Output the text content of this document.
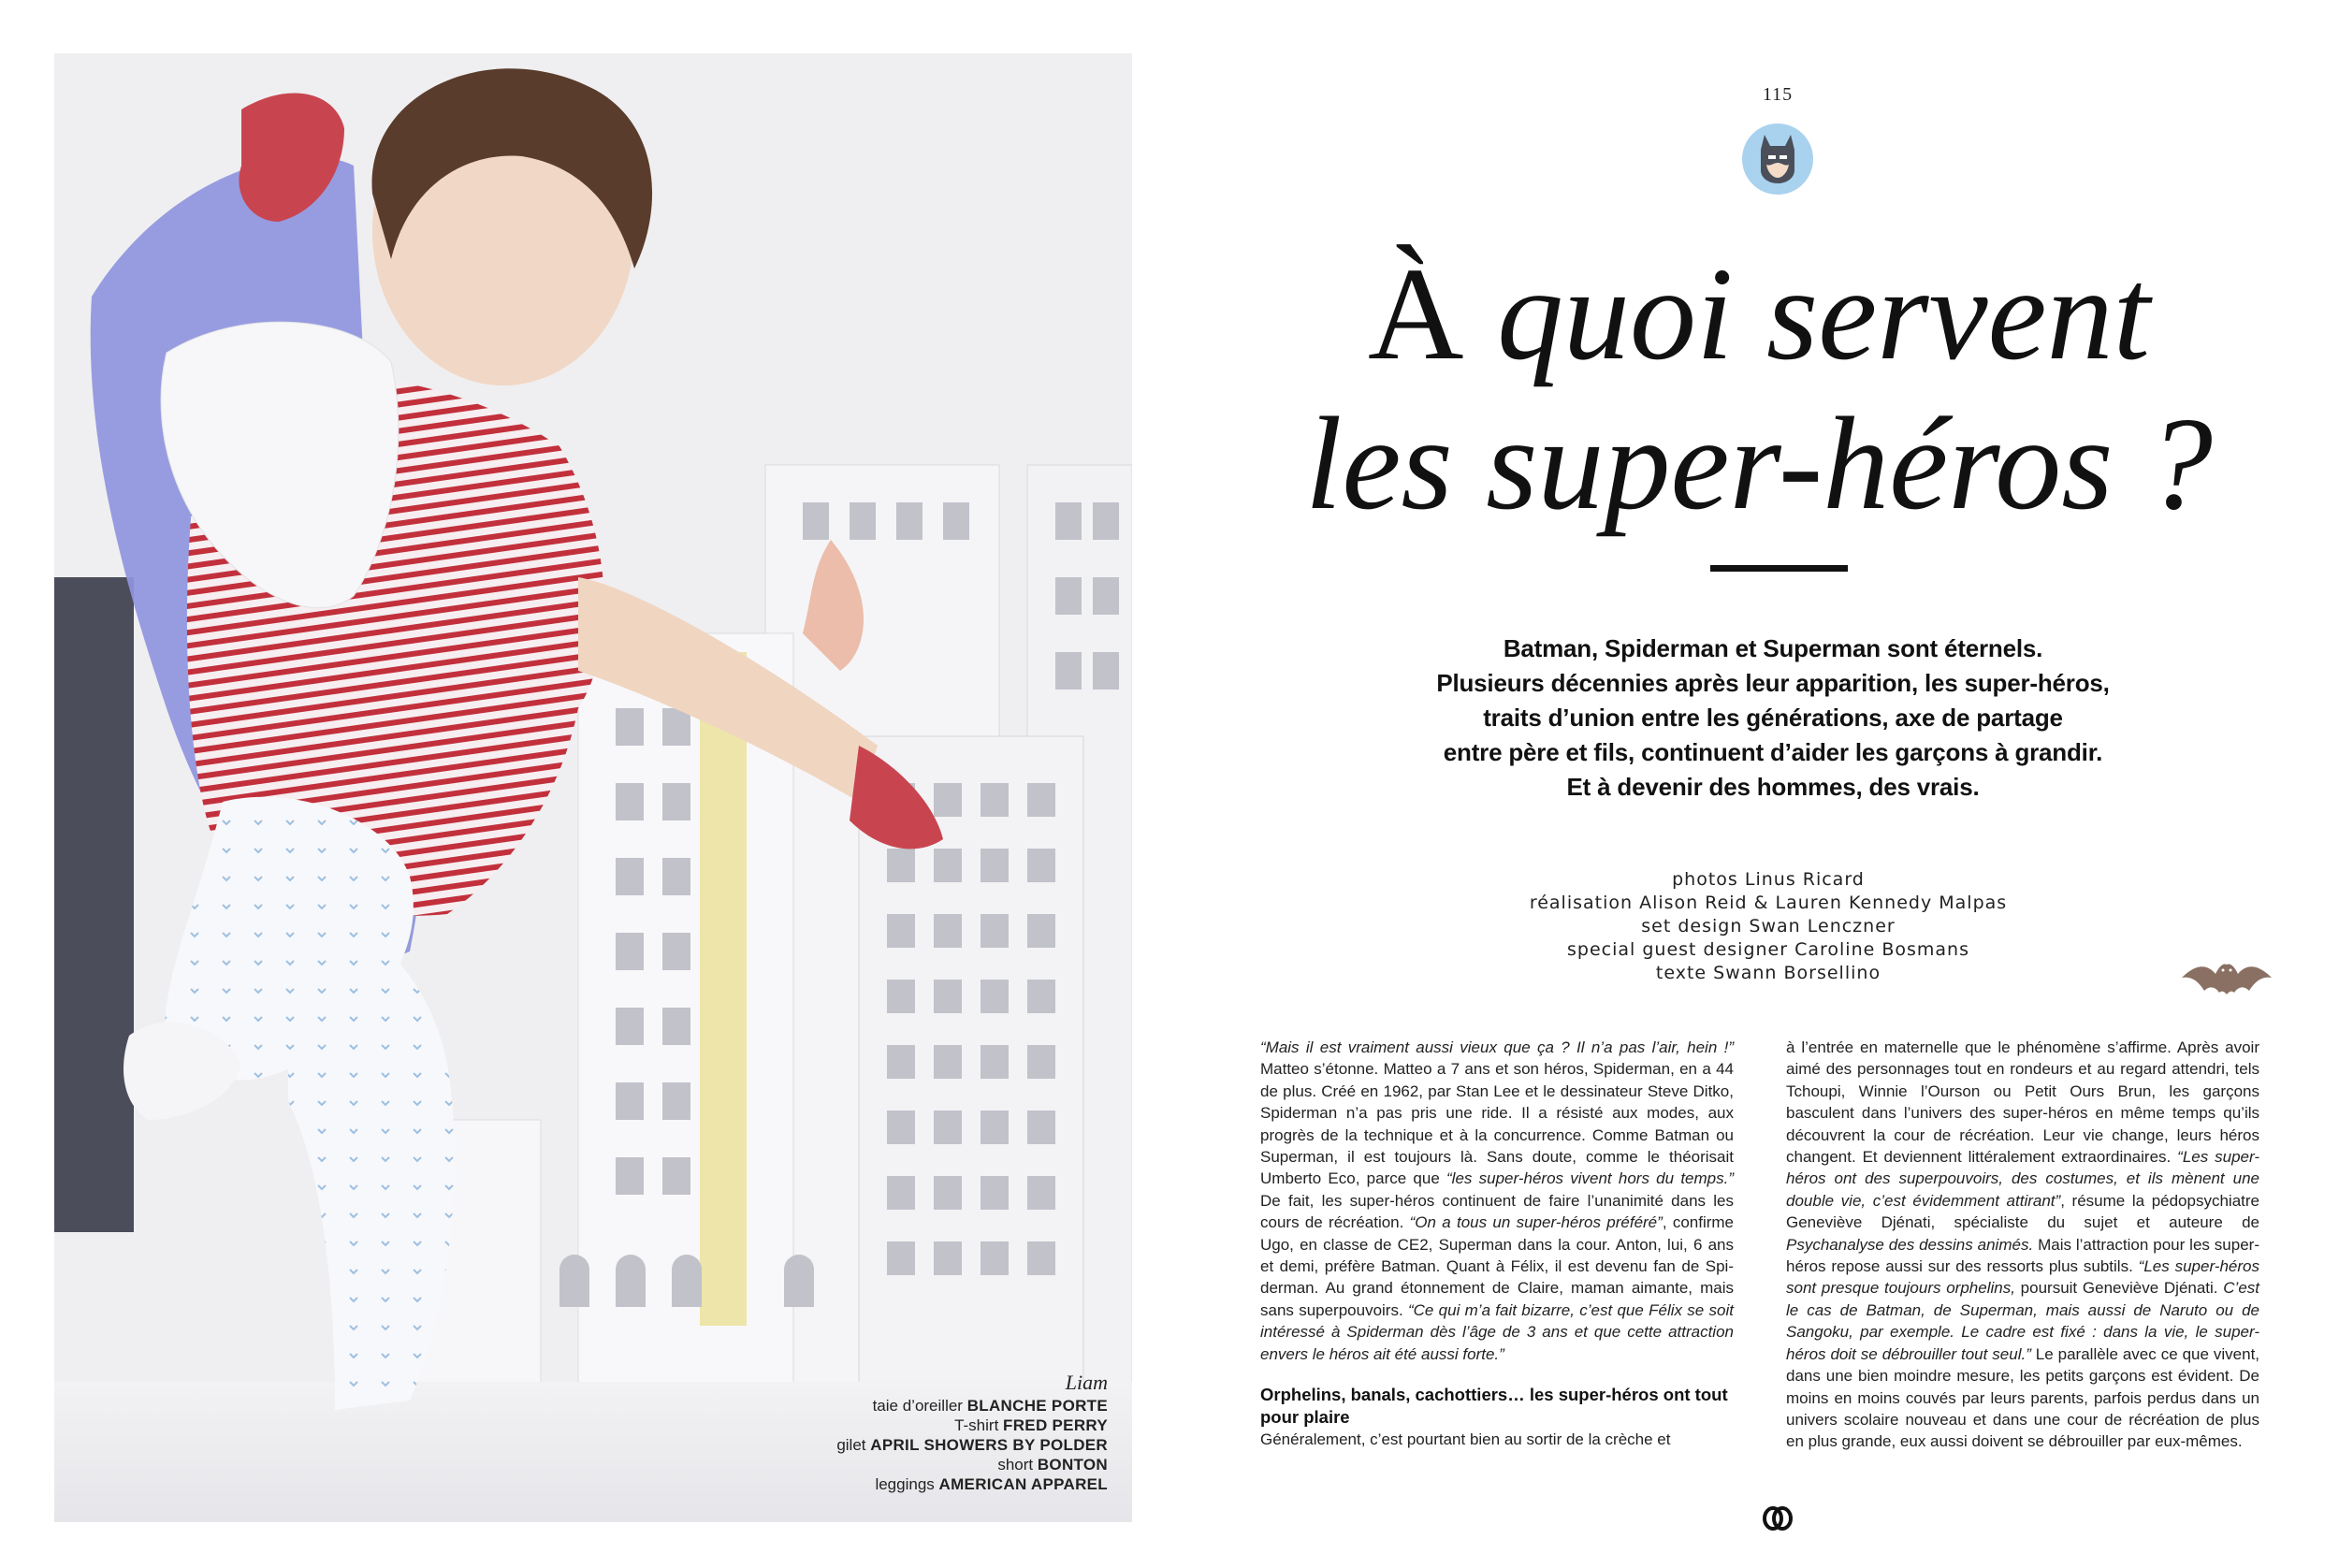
Liam
taie d’oreiller BLANCHE PORTE
T-shirt FRED PERRY
gilet APRIL SHOWERS BY POLDER
short BONTON
leggings AMERICAN APPAREL
115
À quoi servent
les super-héros ?
Batman, Spiderman et Superman sont éternels.
Plusieurs décennies après leur apparition, les super-héros,
traits d’union entre les générations, axe de partage
entre père et fils, continuent d’aider les garçons à grandir.
Et à devenir des hommes, des vrais.
photos Linus Ricard
réalisation Alison Reid & Lauren Kennedy Malpas
set design Swan Lenczner
special guest designer Caroline Bosmans
texte Swann Borsellino

“Mais il est vraiment aussi vieux que ça ? Il n’a pas l’air, hein !” Matteo s’étonne. Matteo a 7 ans et son héros, Spiderman, en a 44 de plus. Créé en 1962, par Stan Lee et le dessinateur Steve Ditko, Spiderman n’a pas pris une ride. Il a résisté aux modes, aux progrès de la technique et à la concurrence. Comme Batman ou Superman, il est toujours là. Sans doute, comme le théorisait Umberto Eco, parce que “les super-héros vivent hors du temps.” De fait, les super-héros continuent de faire l’unanimité dans les cours de récréation. “On a tous un super-héros préféré”, confirme Ugo, en classe de CE2, Superman dans la cour. Anton, lui, 6 ans et demi, préfère Batman. Quant à Félix, il est devenu fan de Spi-derman. Au grand étonnement de Claire, maman aimante, mais sans superpouvoirs. “Ce qui m’a fait bizarre, c’est que Félix se soit intéressé à Spiderman dès l’âge de 3 ans et que cette attraction envers le héros ait été aussi forte.”

Orphelins, banals, cachottiers… les super-héros ont tout pour plaire

Généralement, c’est pourtant bien au sortir de la crèche et

à l’entrée en maternelle que le phénomène s’affirme. Après avoir aimé des personnages tout en rondeurs et au regard attendri, tels Tchoupi, Winnie l’Ourson ou Petit Ours Brun, les garçons basculent dans l’univers des super-héros en même temps qu’ils découvrent la cour de récréation. Leur vie change, leurs héros changent. Et deviennent littéralement extraordinaires. “Les super-héros ont des superpouvoirs, des costumes, et ils mènent une double vie, c’est évidemment attirant”, résume la pédopsychiatre Geneviève Djénati, spécialiste du sujet et auteure de Psychanalyse des dessins animés. Mais l’attraction pour les super-héros repose aussi sur des ressorts plus subtils. “Les super-héros sont presque toujours orphelins, poursuit Geneviève Djénati. C’est le cas de Batman, de Superman, mais aussi de Naruto ou de Sangoku, par exemple. Le cadre est fixé : dans la vie, le super-héros doit se débrouiller tout seul.” Le parallèle avec ce que vivent, dans une bien moindre mesure, les petits garçons est évident. De moins en moins couvés par leurs parents, parfois perdus dans un univers scolaire nouveau et dans une cour de récréation de plus en plus grande, eux aussi doivent se débrouiller par eux-mêmes.
